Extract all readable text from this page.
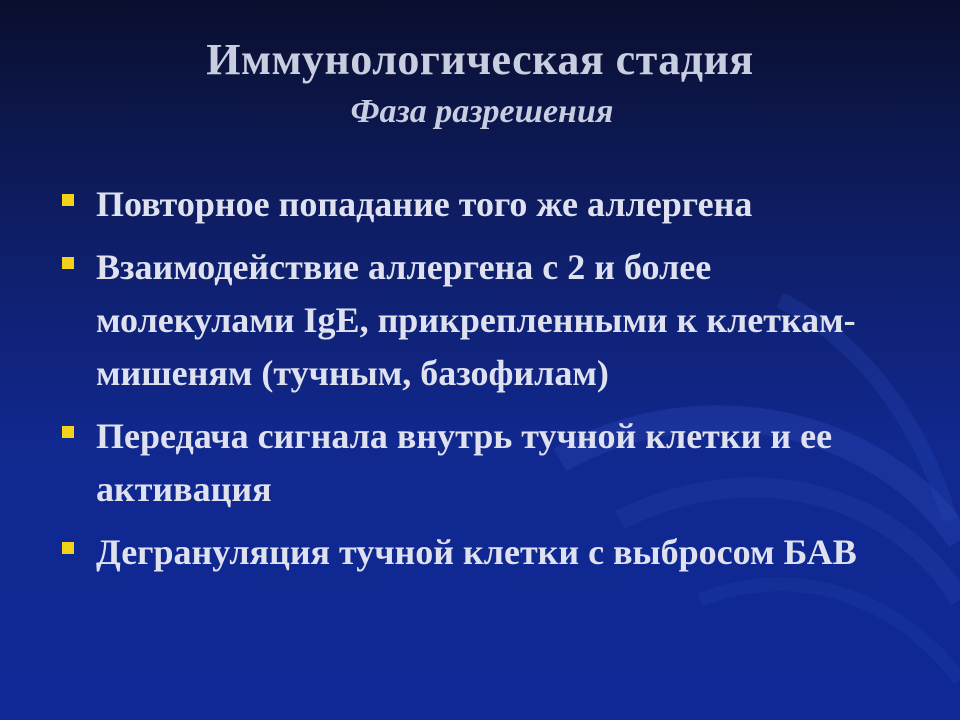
Иммунологическая стадия
Фаза разрешения
Повторное попадание того же аллергена
Взаимодействие аллергена с 2 и более молекулами IgE, прикрепленными к клеткам-мишеням (тучным, базофилам)
Передача сигнала внутрь тучной клетки и ее активация
Дегрануляция тучной клетки с выбросом БАВ
